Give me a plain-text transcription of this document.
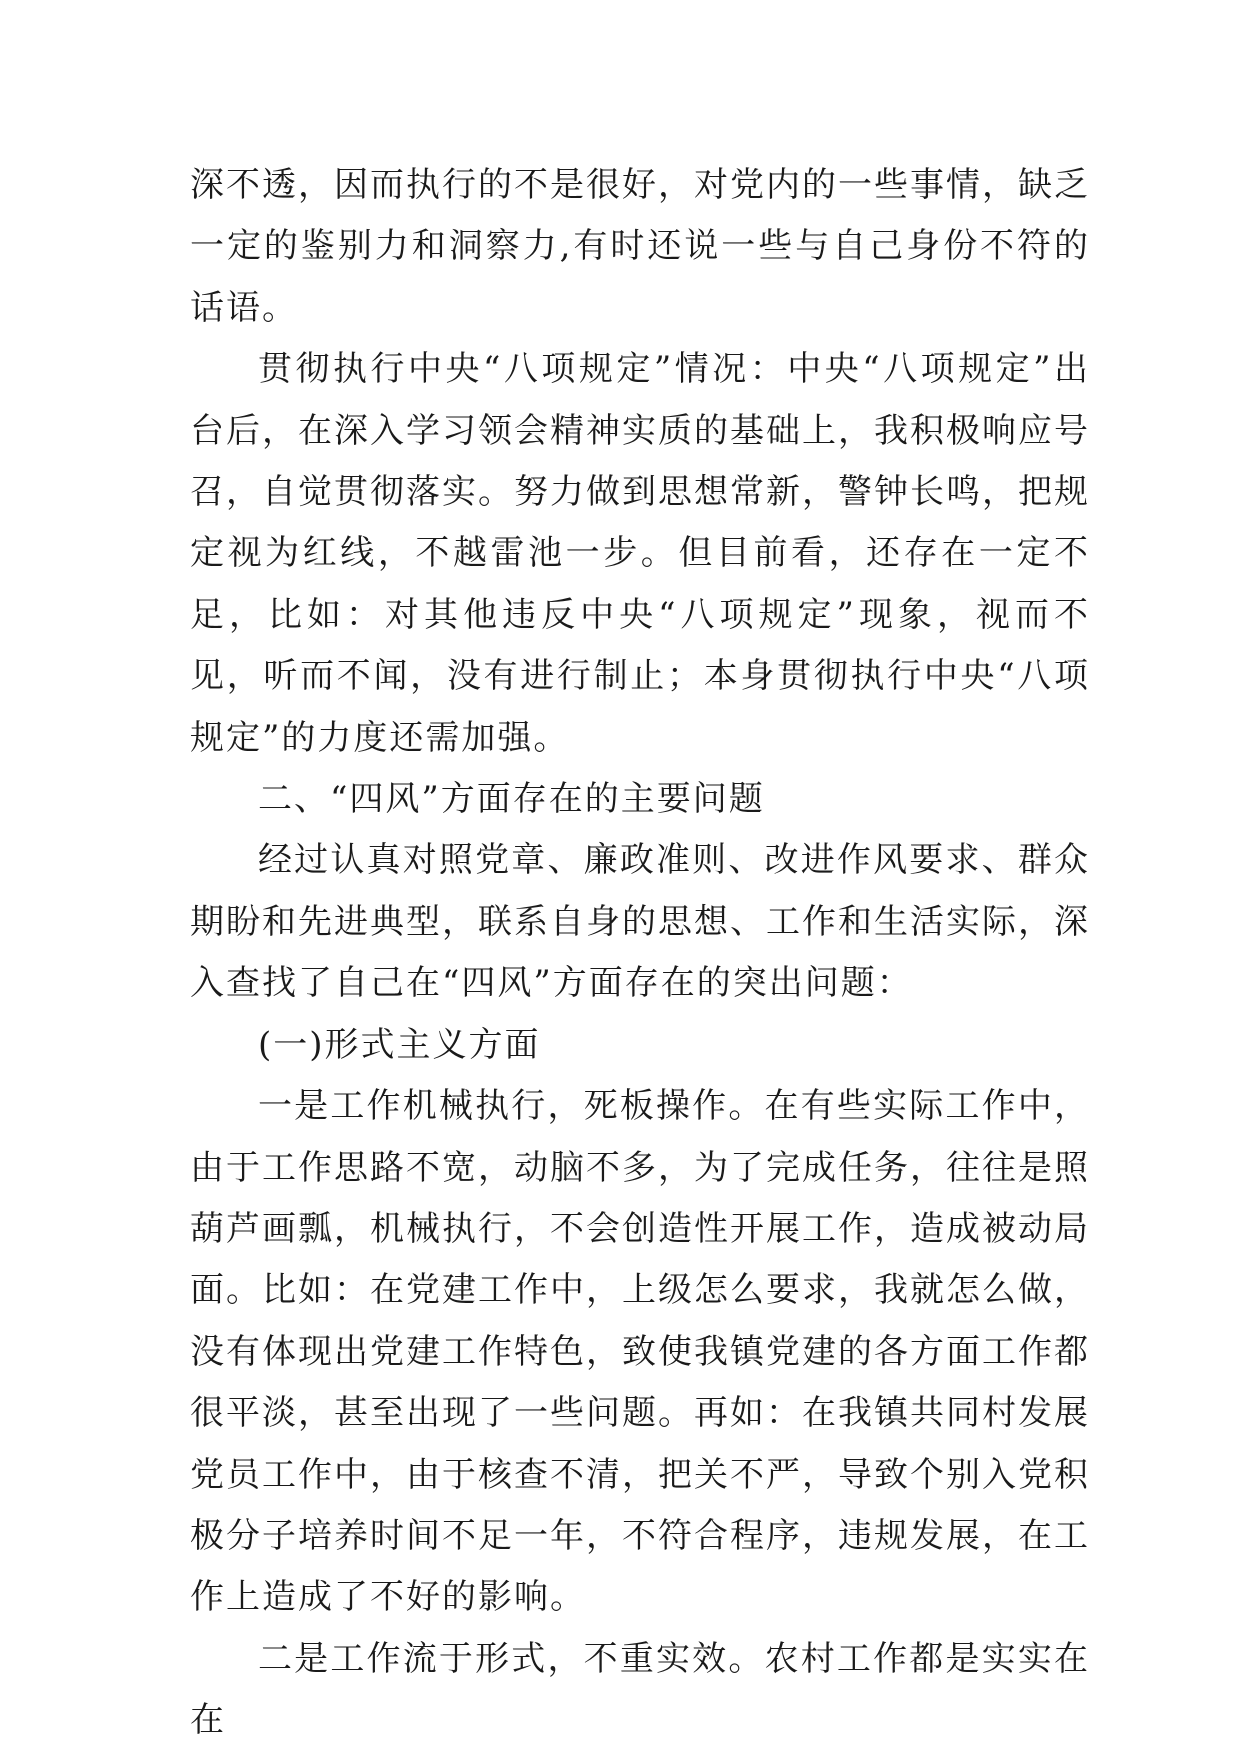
深不透，因而执行的不是很好，对党内的一些事情，缺乏一定的鉴别力和洞察力,有时还说一些与自己身份不符的话语。

贯彻执行中央“八项规定”情况：中央“八项规定”出台后，在深入学习领会精神实质的基础上，我积极响应号召，自觉贯彻落实。努力做到思想常新，警钟长鸣，把规定视为红线，不越雷池一步。但目前看，还存在一定不足，比如：对其他违反中央“八项规定”现象，视而不见，听而不闻，没有进行制止；本身贯彻执行中央“八项规定”的力度还需加强。

二、“四风”方面存在的主要问题

经过认真对照党章、廉政准则、改进作风要求、群众期盼和先进典型，联系自身的思想、工作和生活实际，深入查找了自己在“四风”方面存在的突出问题：

(一)形式主义方面

一是工作机械执行，死板操作。在有些实际工作中，由于工作思路不宽，动脑不多，为了完成任务，往往是照葫芦画瓢，机械执行，不会创造性开展工作，造成被动局面。比如：在党建工作中，上级怎么要求，我就怎么做，没有体现出党建工作特色，致使我镇党建的各方面工作都很平淡，甚至出现了一些问题。再如：在我镇共同村发展党员工作中，由于核查不清，把关不严，导致个别入党积极分子培养时间不足一年，不符合程序，违规发展，在工作上造成了不好的影响。

二是工作流于形式，不重实效。农村工作都是实实在在
